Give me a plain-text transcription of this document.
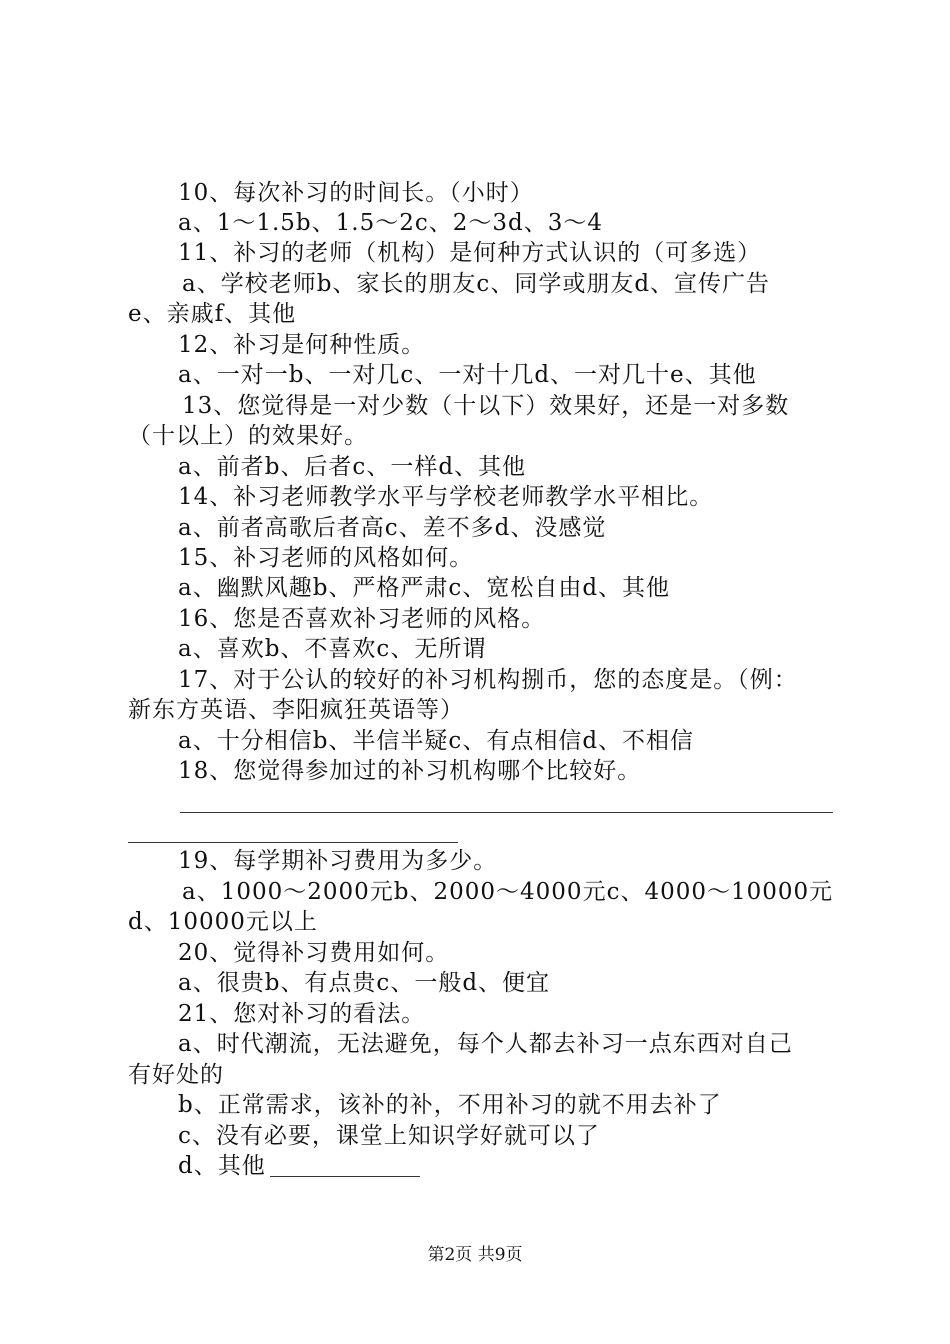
10、每次补习的时间长。（小时）
a、1～1.5b、1.5～2c、2～3d、3～4
11、补习的老师（机构）是何种方式认识的（可多选）
a、学校老师b、家长的朋友c、同学或朋友d、宣传广告
e、亲戚f、其他
12、补习是何种性质。
a、一对一b、一对几c、一对十几d、一对几十e、其他
13、您觉得是一对少数（十以下）效果好，还是一对多数
（十以上）的效果好。
a、前者b、后者c、一样d、其他
14、补习老师教学水平与学校老师教学水平相比。
a、前者高歌后者高c、差不多d、没感觉
15、补习老师的风格如何。
a、幽默风趣b、严格严肃c、宽松自由d、其他
16、您是否喜欢补习老师的风格。
a、喜欢b、不喜欢c、无所谓
17、对于公认的较好的补习机构捌币，您的态度是。（例：
新东方英语、李阳疯狂英语等）
a、十分相信b、半信半疑c、有点相信d、不相信
18、您觉得参加过的补习机构哪个比较好。
19、每学期补习费用为多少。
a、1000～2000元b、2000～4000元c、4000～10000元
d、10000元以上
20、觉得补习费用如何。
a、很贵b、有点贵c、一般d、便宜
21、您对补习的看法。
a、时代潮流，无法避免，每个人都去补习一点东西对自己
有好处的
b、正常需求，该补的补，不用补习的就不用去补了
c、没有必要，课堂上知识学好就可以了
d、其他
第2页 共9页
